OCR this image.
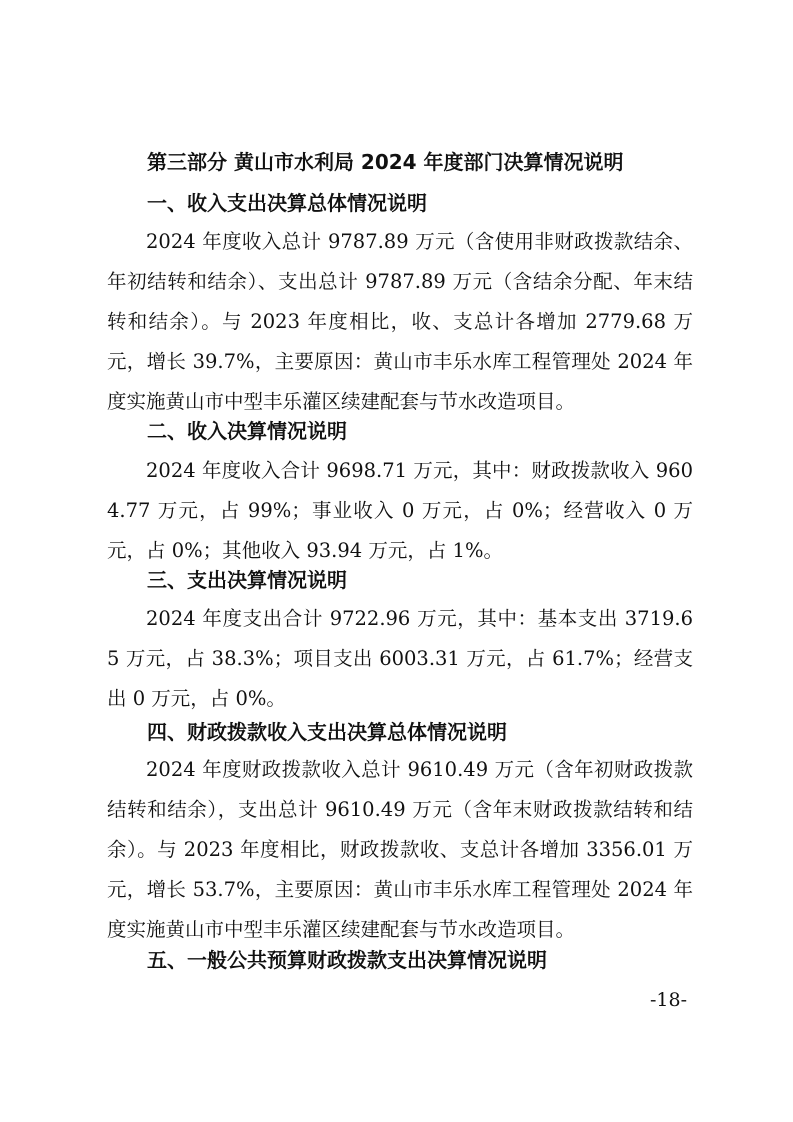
第三部分 黄山市水利局 2024 年度部门决算情况说明
一、收入支出决算总体情况说明

2024 年度收入总计 9787.89 万元（含使用非财政拨款结余、年初结转和结余）、支出总计 9787.89 万元（含结余分配、年末结转和结余）。与 2023 年度相比，收、支总计各增加 2779.68 万元，增长 39.7%，主要原因：黄山市丰乐水库工程管理处 2024 年度实施黄山市中型丰乐灌区续建配套与节水改造项目。

二、收入决算情况说明

2024 年度收入合计 9698.71 万元，其中：财政拨款收入 9604.77 万元，占 99%；事业收入 0 万元，占 0%；经营收入 0 万元，占 0%；其他收入 93.94 万元，占 1%。

三、支出决算情况说明

2024 年度支出合计 9722.96 万元，其中：基本支出 3719.65 万元，占 38.3%；项目支出 6003.31 万元，占 61.7%；经营支出 0 万元，占 0%。

四、财政拨款收入支出决算总体情况说明

2024 年度财政拨款收入总计 9610.49 万元（含年初财政拨款结转和结余），支出总计 9610.49 万元（含年末财政拨款结转和结余）。与 2023 年度相比，财政拨款收、支总计各增加 3356.01 万元，增长 53.7%，主要原因：黄山市丰乐水库工程管理处 2024 年度实施黄山市中型丰乐灌区续建配套与节水改造项目。

五、一般公共预算财政拨款支出决算情况说明
-18-
